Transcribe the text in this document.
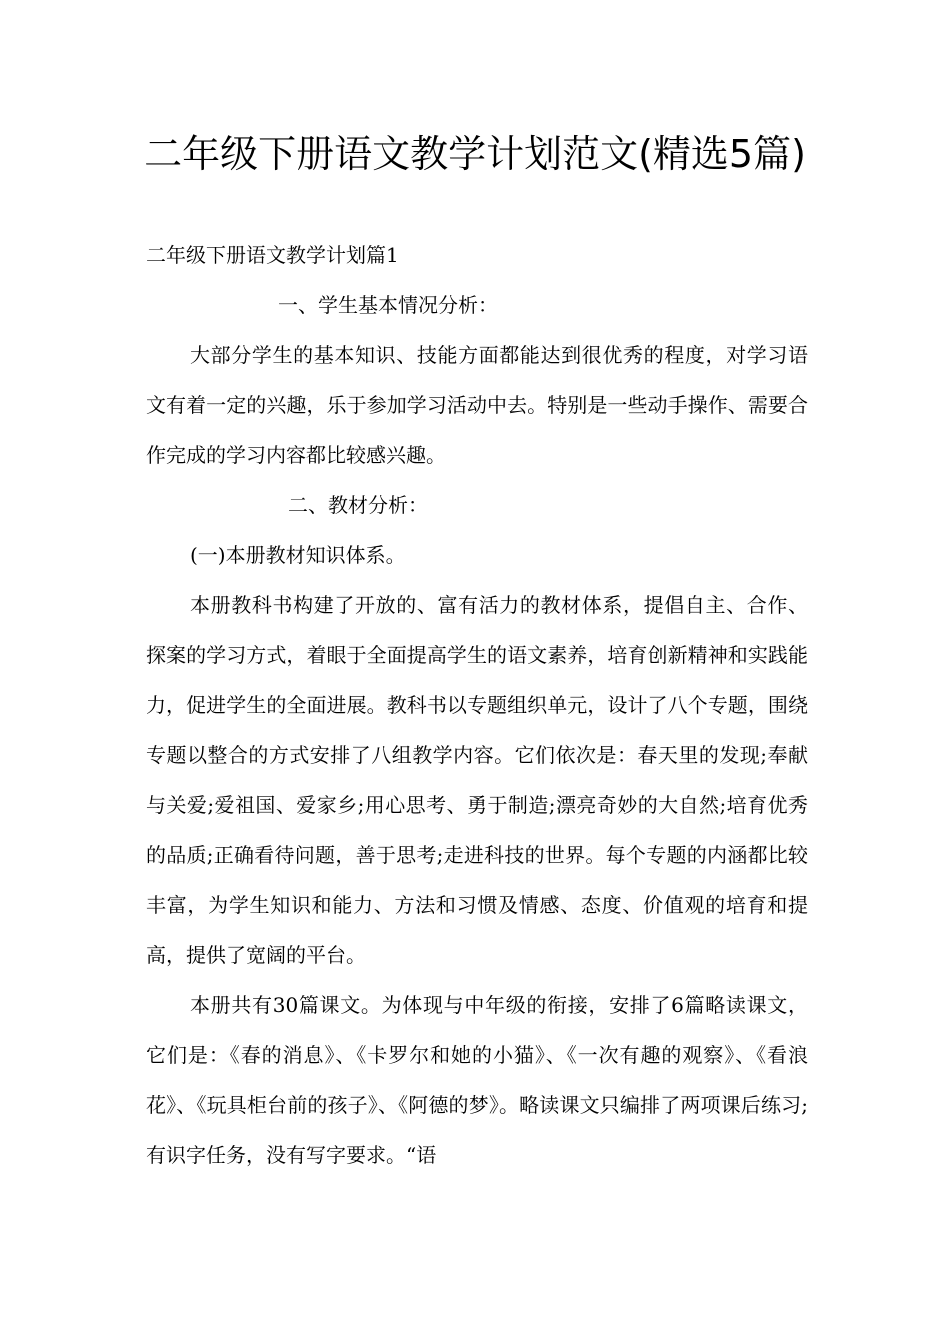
二年级下册语文教学计划范文(精选5篇)

二年级下册语文教学计划篇1

一、学生基本情况分析：

大部分学生的基本知识、技能方面都能达到很优秀的程度，对学习语文有着一定的兴趣，乐于参加学习活动中去。特别是一些动手操作、需要合作完成的学习内容都比较感兴趣。

二、教材分析：

(一)本册教材知识体系。

本册教科书构建了开放的、富有活力的教材体系，提倡自主、合作、探案的学习方式，着眼于全面提高学生的语文素养，培育创新精神和实践能力，促进学生的全面进展。教科书以专题组织单元，设计了八个专题，围绕专题以整合的方式安排了八组教学内容。它们依次是：春天里的发现;奉献与关爱;爱祖国、爱家乡;用心思考、勇于制造;漂亮奇妙的大自然;培育优秀的品质;正确看待问题，善于思考;走进科技的世界。每个专题的内涵都比较丰富，为学生知识和能力、方法和习惯及情感、态度、价值观的培育和提高，提供了宽阔的平台。

本册共有30篇课文。为体现与中年级的衔接，安排了6篇略读课文，它们是：《春的消息》、《卡罗尔和她的小猫》、《一次有趣的观察》、《看浪花》、《玩具柜台前的孩子》、《阿德的梦》。略读课文只编排了两项课后练习;有识字任务，没有写字要求。“语
